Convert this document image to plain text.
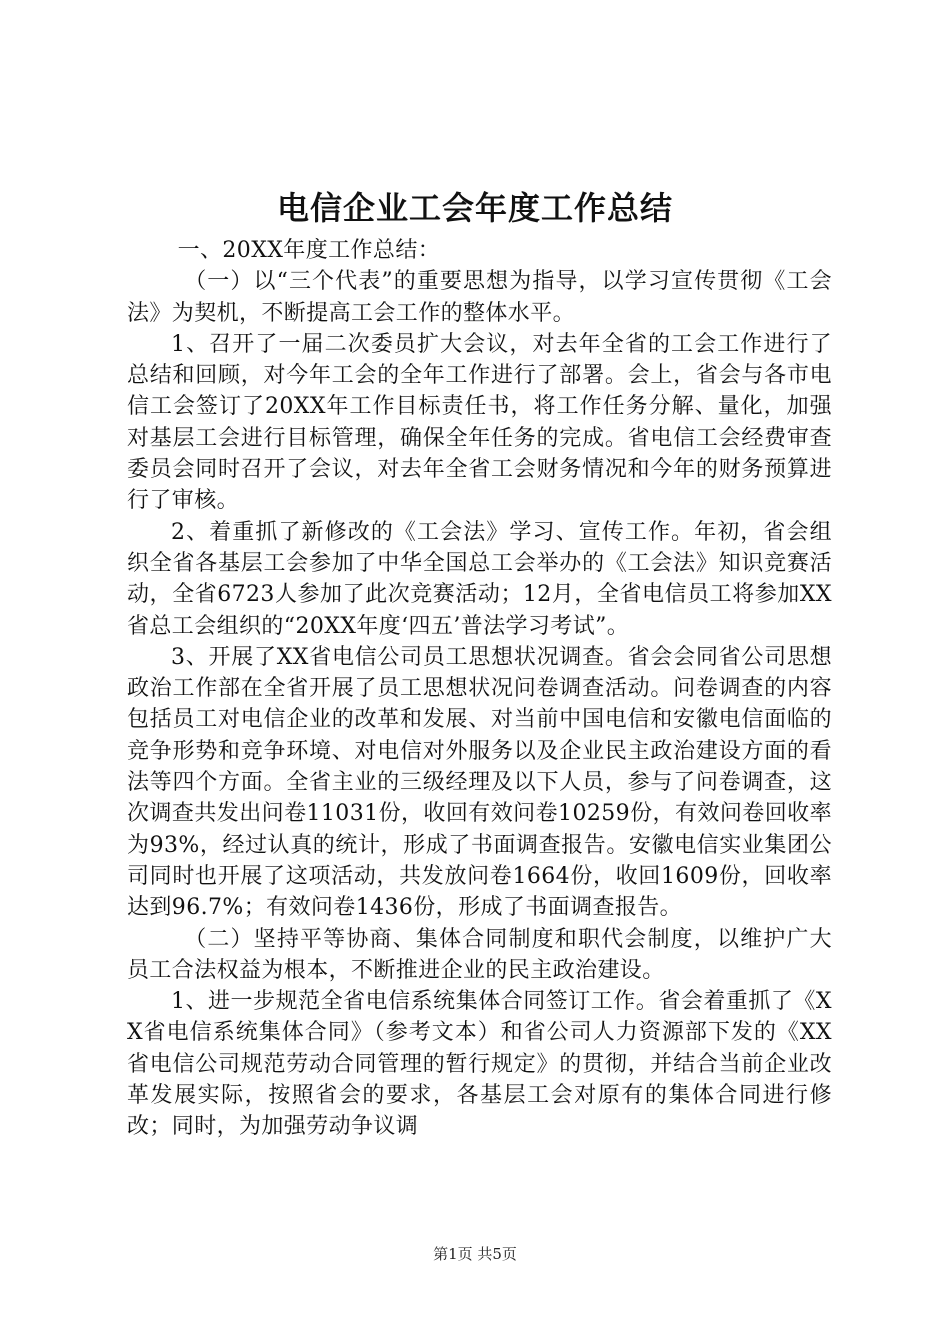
电信企业工会年度工作总结

一、20XX年度工作总结：

（一）以“三个代表”的重要思想为指导，以学习宣传贯彻《工会法》为契机，不断提高工会工作的整体水平。

1、召开了一届二次委员扩大会议，对去年全省的工会工作进行了总结和回顾，对今年工会的全年工作进行了部署。会上，省会与各市电信工会签订了20XX年工作目标责任书，将工作任务分解、量化，加强对基层工会进行目标管理，确保全年任务的完成。省电信工会经费审查委员会同时召开了会议，对去年全省工会财务情况和今年的财务预算进行了审核。

2、着重抓了新修改的《工会法》学习、宣传工作。年初，省会组织全省各基层工会参加了中华全国总工会举办的《工会法》知识竞赛活动，全省6723人参加了此次竞赛活动；12月，全省电信员工将参加XX省总工会组织的“20XX年度‘四五’普法学习考试”。

3、开展了XX省电信公司员工思想状况调查。省会会同省公司思想政治工作部在全省开展了员工思想状况问卷调查活动。问卷调查的内容包括员工对电信企业的改革和发展、对当前中国电信和安徽电信面临的竞争形势和竞争环境、对电信对外服务以及企业民主政治建设方面的看法等四个方面。全省主业的三级经理及以下人员，参与了问卷调查，这次调查共发出问卷11031份，收回有效问卷10259份，有效问卷回收率为93%，经过认真的统计，形成了书面调查报告。安徽电信实业集团公司同时也开展了这项活动，共发放问卷1664份，收回1609份，回收率达到96.7%；有效问卷1436份，形成了书面调查报告。

（二）坚持平等协商、集体合同制度和职代会制度，以维护广大员工合法权益为根本，不断推进企业的民主政治建设。

1、进一步规范全省电信系统集体合同签订工作。省会着重抓了《XX省电信系统集体合同》（参考文本）和省公司人力资源部下发的《XX省电信公司规范劳动合同管理的暂行规定》的贯彻，并结合当前企业改革发展实际，按照省会的要求，各基层工会对原有的集体合同进行修改；同时，为加强劳动争议调

第1页 共5页
